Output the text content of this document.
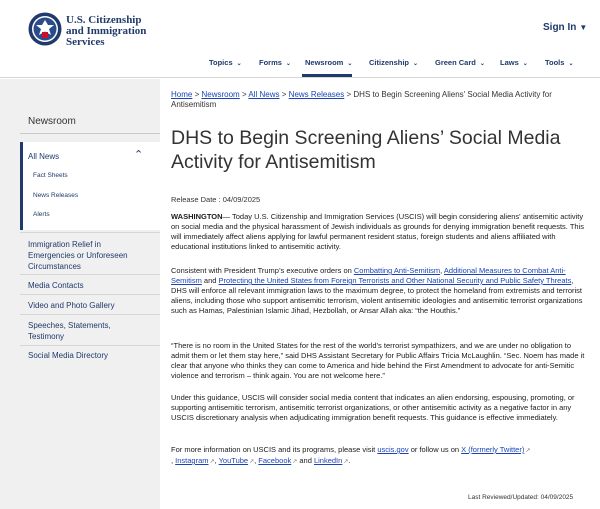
U.S. Citizenship
and Immigration
Services
Sign In ▼
Topics ⌄ Forms ⌄ Newsroom ⌄ Citizenship ⌄ Green Card ⌄ Laws ⌄ Tools ⌄
Newsroom
All News	⌃
Fact Sheets
News Releases
Alerts
Immigration Relief in Emergencies or Unforeseen Circumstances
Media Contacts
Video and Photo Gallery
Speeches, Statements, Testimony
Social Media Directory
Home > Newsroom > All News > News Releases > DHS to Begin Screening Aliens' Social Media Activity for Antisemitism
DHS to Begin Screening Aliens’ Social Media Activity for Antisemitism
Release Date : 04/09/2025
WASHINGTON— Today U.S. Citizenship and Immigration Services (USCIS) will begin considering aliens' antisemitic activity on social media and the physical harassment of Jewish individuals as grounds for denying immigration benefit requests. This will immediately affect aliens applying for lawful permanent resident status, foreign students and aliens affiliated with educational institutions linked to antisemitic activity.
Consistent with President Trump’s executive orders on Combatting Anti-Semitism, Additional Measures to Combat Anti-Semitism and Protecting the United States from Foreign Terrorists and Other National Security and Public Safety Threats, DHS will enforce all relevant immigration laws to the maximum degree, to protect the homeland from extremists and terrorist aliens, including those who support antisemitic terrorism, violent antisemitic ideologies and antisemitic terrorist organizations such as Hamas, Palestinian Islamic Jihad, Hezbollah, or Ansar Allah aka: “the Houthis.”
“There is no room in the United States for the rest of the world’s terrorist sympathizers, and we are under no obligation to admit them or let them stay here,” said DHS Assistant Secretary for Public Affairs Tricia McLaughlin. “Sec. Noem has made it clear that anyone who thinks they can come to America and hide behind the First Amendment to advocate for anti-Semitic violence and terrorism – think again. You are not welcome here.”
Under this guidance, USCIS will consider social media content that indicates an alien endorsing, espousing, promoting, or supporting antisemitic terrorism, antisemitic terrorist organizations, or other antisemitic activity as a negative factor in any USCIS discretionary analysis when adjudicating immigration benefit requests. This guidance is effective immediately.
For more information on USCIS and its programs, please visit uscis.gov or follow us on X (formerly Twitter)↗
, Instagram↗, YouTube↗, Facebook↗ and LinkedIn↗.
Last Reviewed/Updated: 04/09/2025
